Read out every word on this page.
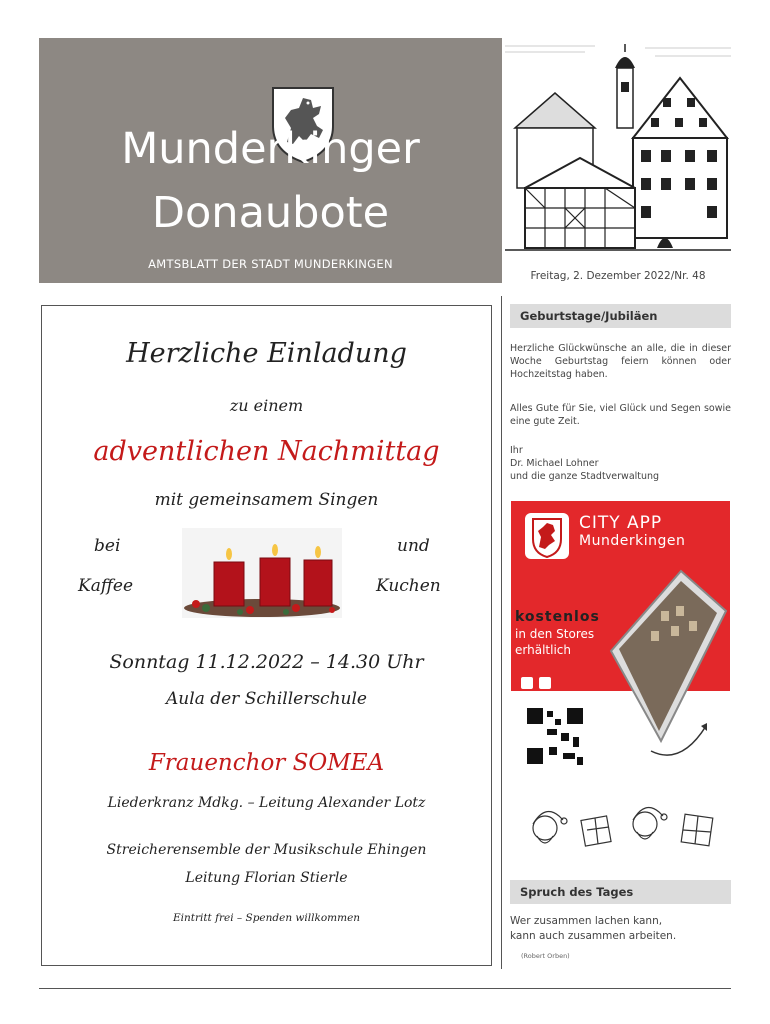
Munderkinger
Donaubote
AMTSBLATT DER STADT MUNDERKINGEN
Freitag, 2. Dezember 2022/Nr. 48
Herzliche Einladung
zu einem
adventlichen Nachmittag
mit gemeinsamem Singen
bei	und
Kaffee	Kuchen
Sonntag 11.12.2022 – 14.30 Uhr
Aula der Schillerschule
Frauenchor SOMEA
Liederkranz Mdkg. – Leitung Alexander Lotz
Streicherensemble der Musikschule Ehingen
Leitung Florian Stierle
Eintritt frei – Spenden willkommen
Geburtstage/Jubiläen
Herzliche Glückwünsche an alle, die in dieser Woche Geburtstag feiern können oder Hochzeitstag haben.
Alles Gute für Sie, viel Glück und Segen sowie eine gute Zeit.
Ihr
Dr. Michael Lohner
und die ganze Stadtverwaltung
CITY APP
Munderkingen
kostenlos
in den Stores
erhältlich
Spruch des Tages
Wer zusammen lachen kann,
kann auch zusammen arbeiten.
(Robert Orben)
